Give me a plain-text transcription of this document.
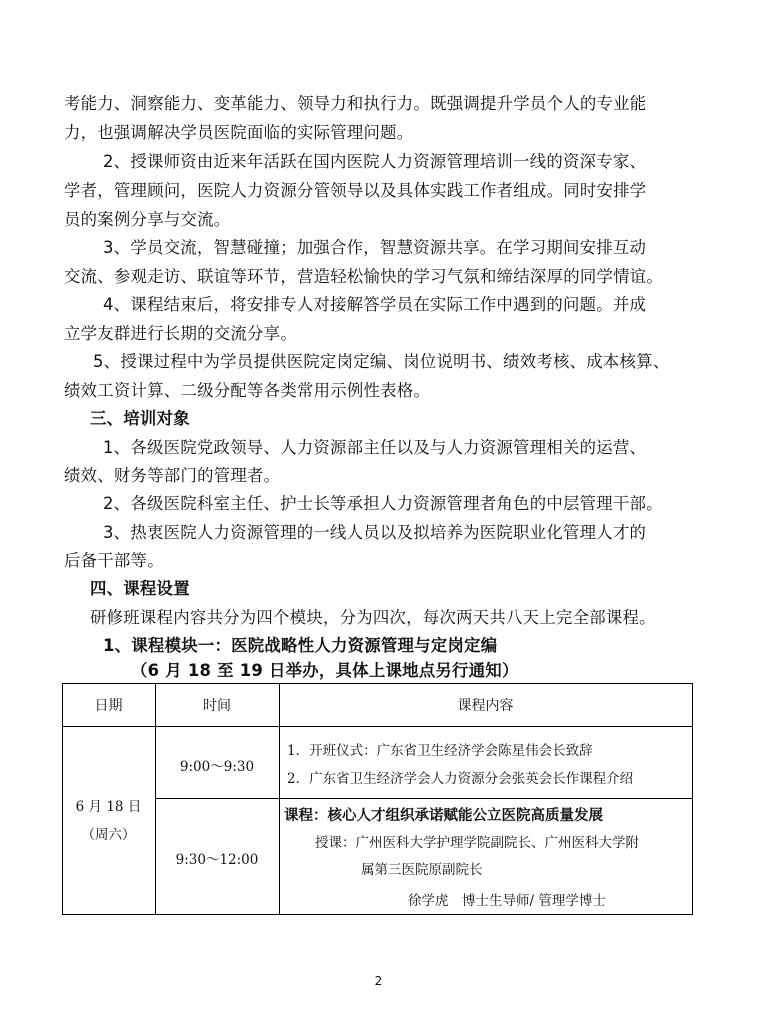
考能力、洞察能力、变革能力、领导力和执行力。既强调提升学员个人的专业能
力，也强调解决学员医院面临的实际管理问题。
2、授课师资由近来年活跃在国内医院人力资源管理培训一线的资深专家、
学者，管理顾问，医院人力资源分管领导以及具体实践工作者组成。同时安排学
员的案例分享与交流。
3、学员交流，智慧碰撞；加强合作，智慧资源共享。在学习期间安排互动
交流、参观走访、联谊等环节，营造轻松愉快的学习气氛和缔结深厚的同学情谊。
4、课程结束后，将安排专人对接解答学员在实际工作中遇到的问题。并成
立学友群进行长期的交流分享。
5、授课过程中为学员提供医院定岗定编、岗位说明书、绩效考核、成本核算、
绩效工资计算、二级分配等各类常用示例性表格。
三、培训对象
1、各级医院党政领导、人力资源部主任以及与人力资源管理相关的运营、
绩效、财务等部门的管理者。
2、各级医院科室主任、护士长等承担人力资源管理者角色的中层管理干部。
3、热衷医院人力资源管理的一线人员以及拟培养为医院职业化管理人才的
后备干部等。
四、课程设置
研修班课程内容共分为四个模块，分为四次，每次两天共八天上完全部课程。
1、课程模块一：医院战略性人力资源管理与定岗定编
（6 月 18 至 19 日举办，具体上课地点另行通知）
日期	时间	课程内容
6 月 18 日
（周六）
9:00～9:30
1．开班仪式：广东省卫生经济学会陈星伟会长致辞
2．广东省卫生经济学会人力资源分会张英会长作课程介绍
9:30～12:00
课程：核心人才组织承诺赋能公立医院高质量发展
授课：广州医科大学护理学院副院长、广州医科大学附
属第三医院原副院长
徐学虎　博士生导师/ 管理学博士
2
